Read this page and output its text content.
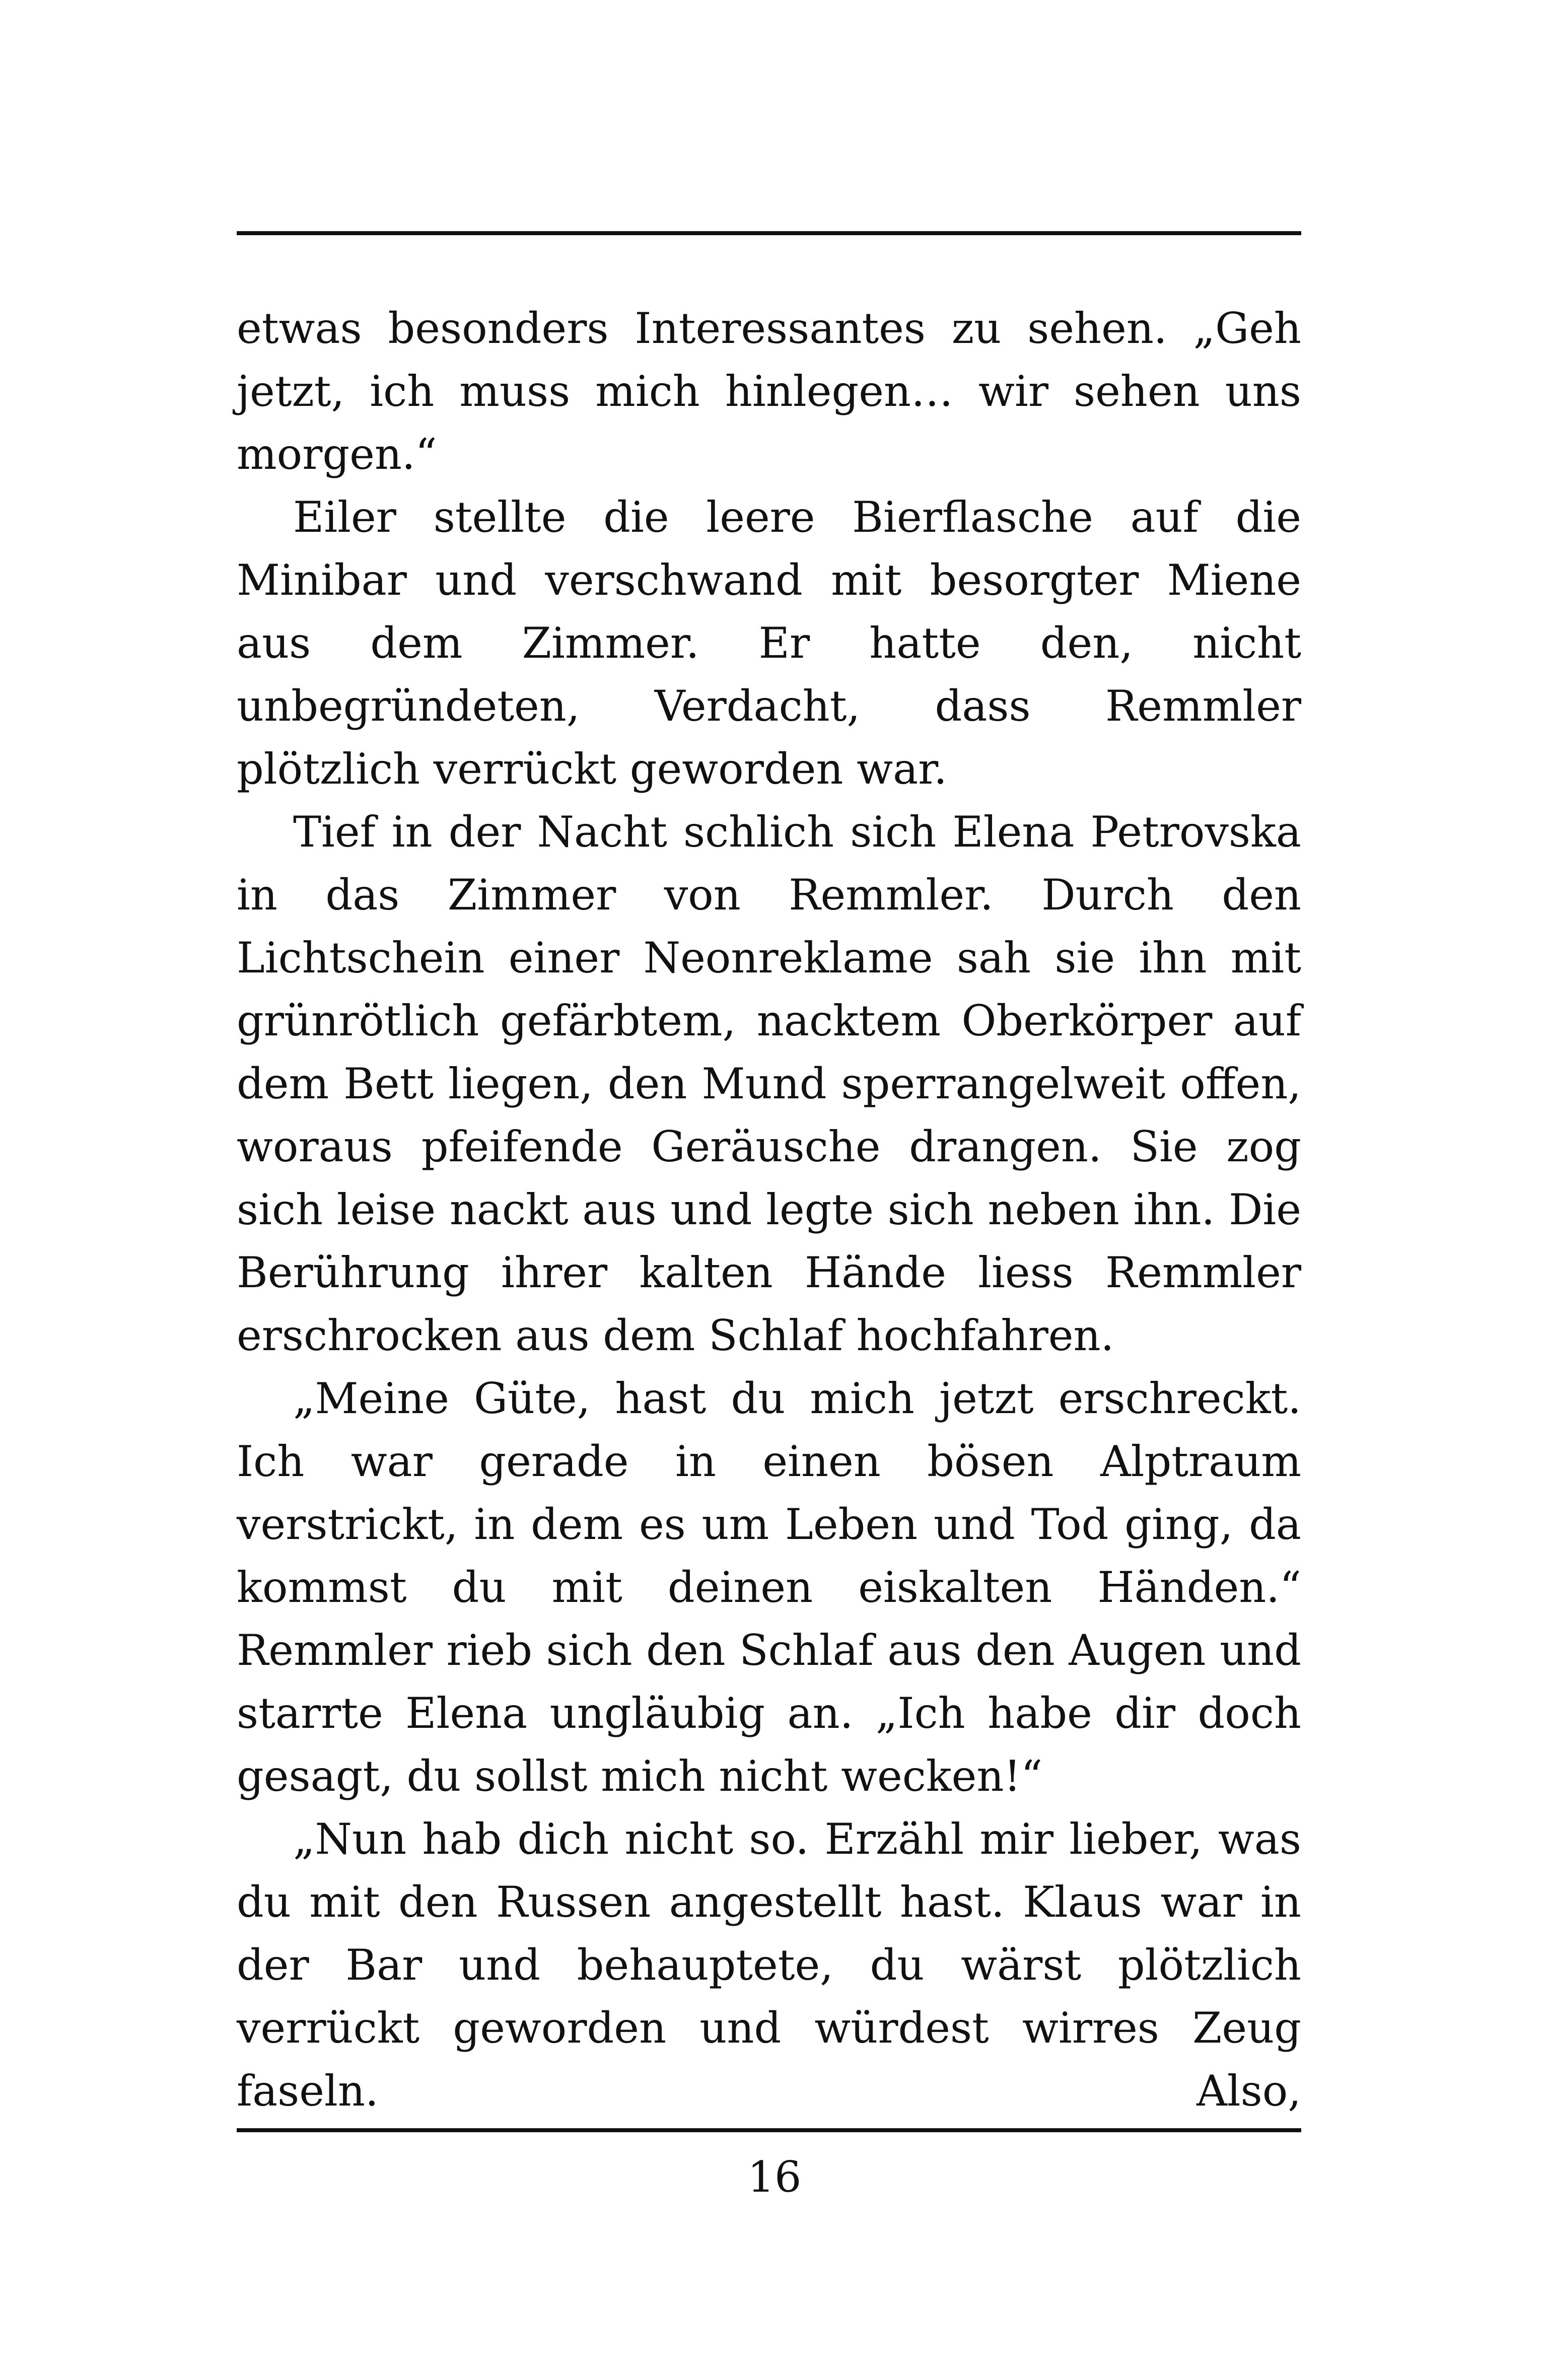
etwas besonders Interessantes zu sehen. „Geh jetzt, ich muss mich hinlegen… wir sehen uns morgen.“

Eiler stellte die leere Bierflasche auf die Minibar und verschwand mit besorgter Miene aus dem Zimmer. Er hatte den, nicht unbegründeten, Verdacht, dass Remmler plötzlich verrückt geworden war.

Tief in der Nacht schlich sich Elena Petrovska in das Zimmer von Remmler. Durch den Lichtschein einer Neonreklame sah sie ihn mit grünrötlich gefärbtem, nacktem Oberkörper auf dem Bett liegen, den Mund sperrangelweit offen, woraus pfeifende Geräusche drangen. Sie zog sich leise nackt aus und legte sich neben ihn. Die Berührung ihrer kalten Hände liess Remmler erschrocken aus dem Schlaf hochfahren.

„Meine Güte, hast du mich jetzt erschreckt. Ich war gerade in einen bösen Alptraum verstrickt, in dem es um Leben und Tod ging, da kommst du mit deinen eiskalten Händen.“ Remmler rieb sich den Schlaf aus den Augen und starrte Elena ungläubig an. „Ich habe dir doch gesagt, du sollst mich nicht wecken!“

„Nun hab dich nicht so. Erzähl mir lieber, was du mit den Russen angestellt hast. Klaus war in der Bar und behauptete, du wärst plötzlich verrückt geworden und würdest wirres Zeug faseln. Also,

16
